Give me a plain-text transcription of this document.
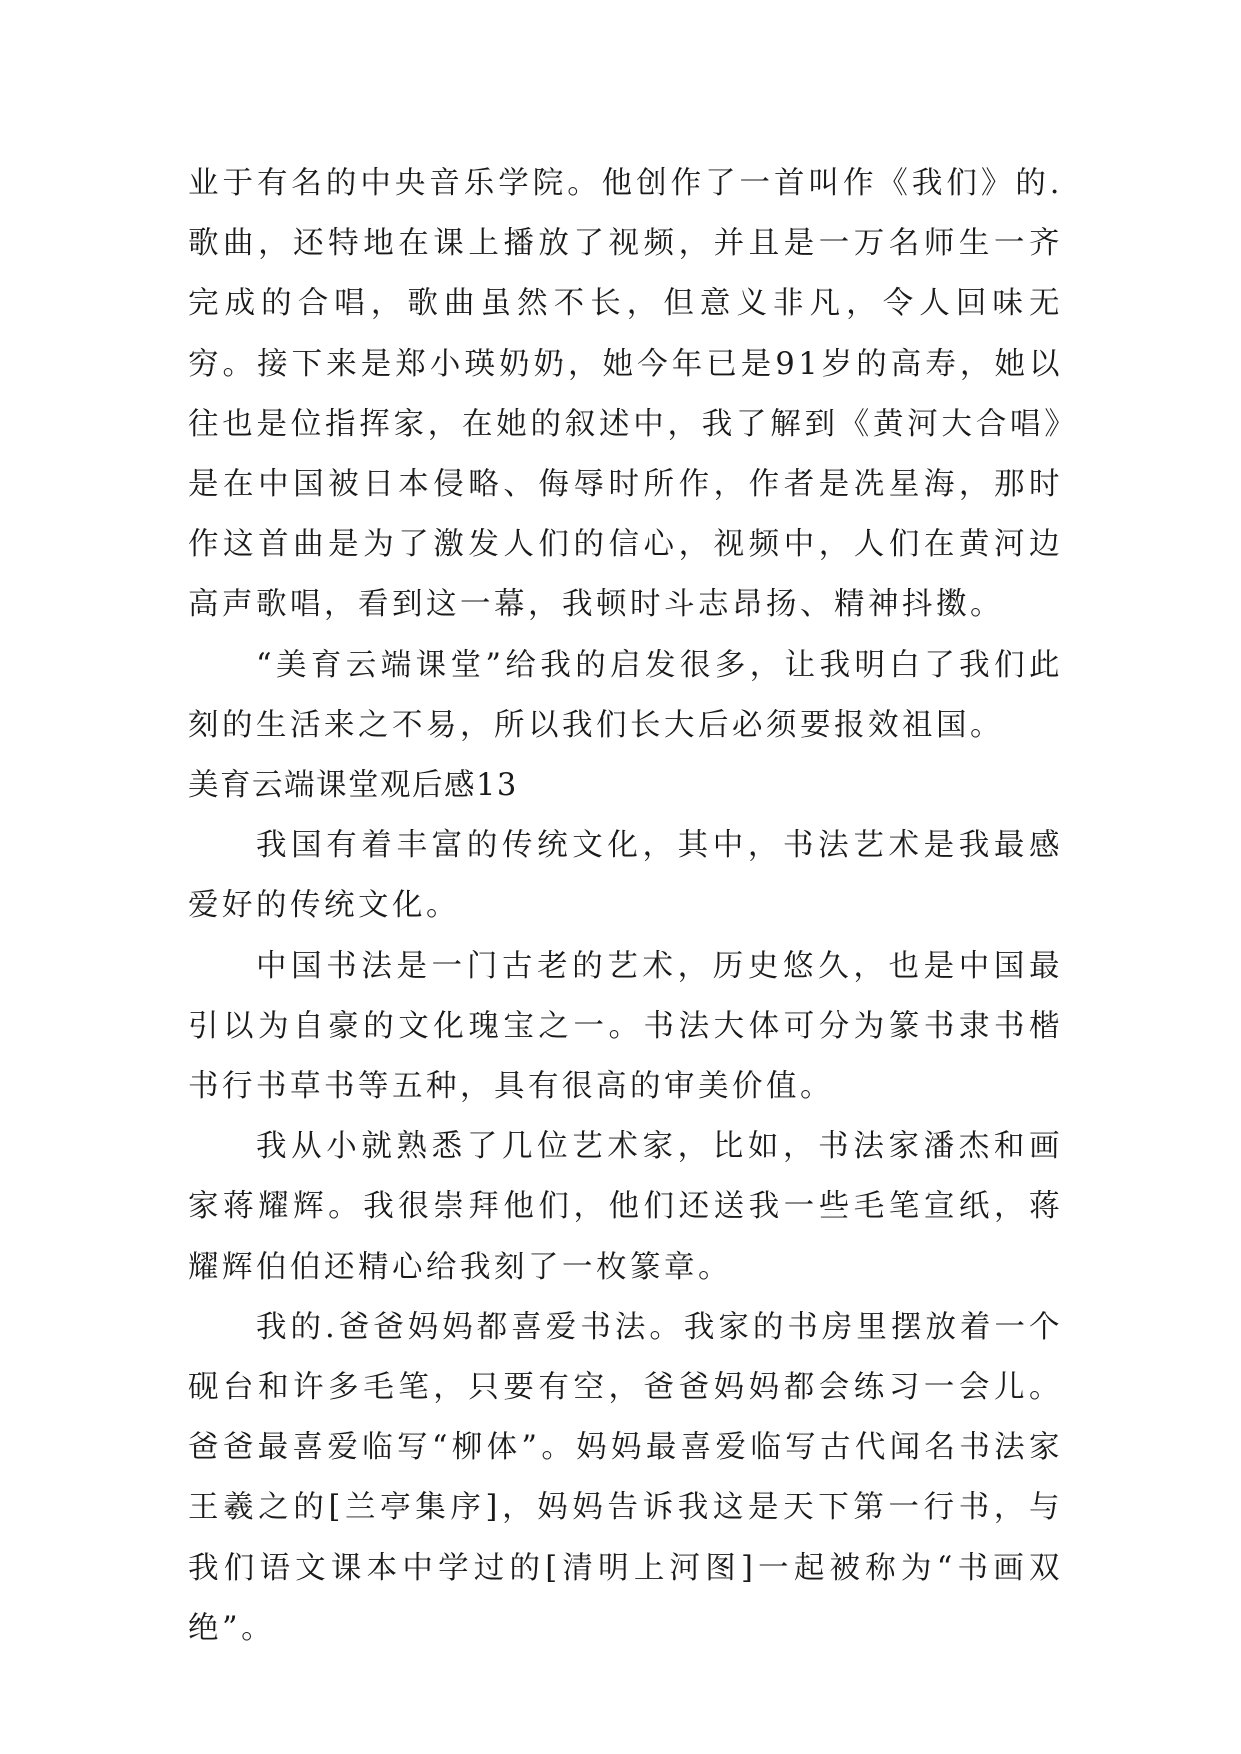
业于有名的中央音乐学院。他创作了一首叫作《我们》的.歌曲，还特地在课上播放了视频，并且是一万名师生一齐完成的合唱，歌曲虽然不长，但意义非凡，令人回味无穷。接下来是郑小瑛奶奶，她今年已是91岁的高寿，她以往也是位指挥家，在她的叙述中，我了解到《黄河大合唱》是在中国被日本侵略、侮辱时所作，作者是冼星海，那时作这首曲是为了激发人们的信心，视频中，人们在黄河边高声歌唱，看到这一幕，我顿时斗志昂扬、精神抖擞。

“美育云端课堂”给我的启发很多，让我明白了我们此刻的生活来之不易，所以我们长大后必须要报效祖国。

美育云端课堂观后感13

我国有着丰富的传统文化，其中，书法艺术是我最感爱好的传统文化。

中国书法是一门古老的艺术，历史悠久，也是中国最引以为自豪的文化瑰宝之一。书法大体可分为篆书隶书楷书行书草书等五种，具有很高的审美价值。

我从小就熟悉了几位艺术家，比如，书法家潘杰和画家蒋耀辉。我很崇拜他们，他们还送我一些毛笔宣纸，蒋耀辉伯伯还精心给我刻了一枚篆章。

我的.爸爸妈妈都喜爱书法。我家的书房里摆放着一个砚台和许多毛笔，只要有空，爸爸妈妈都会练习一会儿。爸爸最喜爱临写“柳体”。妈妈最喜爱临写古代闻名书法家王羲之的[兰亭集序]，妈妈告诉我这是天下第一行书，与我们语文课本中学过的[清明上河图]一起被称为“书画双绝”。
